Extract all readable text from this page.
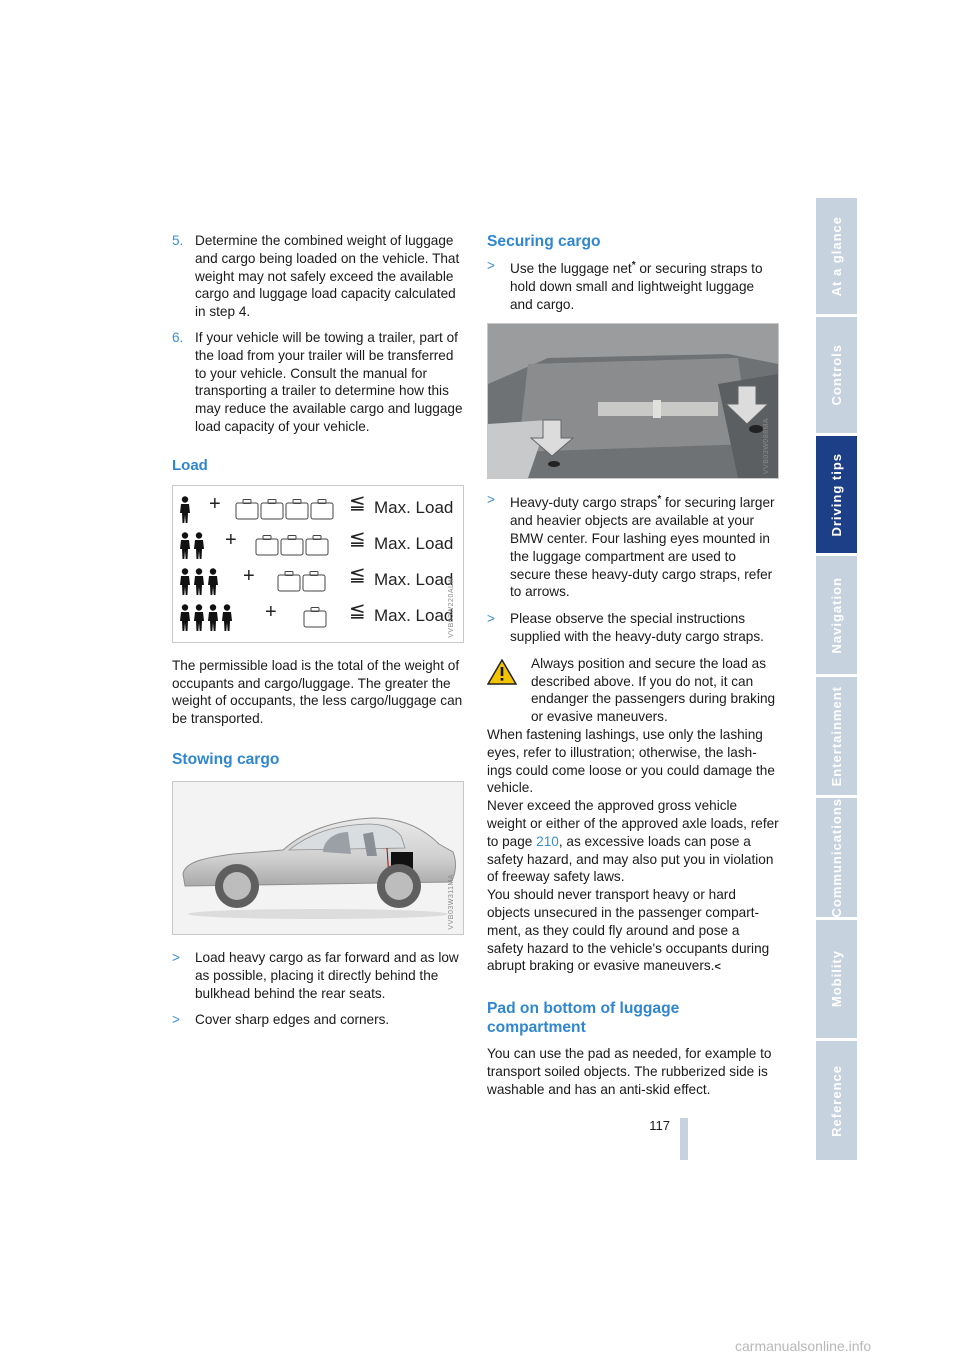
5. Determine the combined weight of luggage and cargo being loaded on the vehicle. That weight may not safely exceed the available cargo and luggage load capacity calculated in step 4.
6. If your vehicle will be towing a trailer, part of the load from your trailer will be transferred to your vehicle. Consult the manual for transporting a trailer to determine how this may reduce the available cargo and luggage load capacity of your vehicle.
Load
+	≦ Max. Load
+	≦ Max. Load
+	≦ Max. Load
+	≦ Max. Load
VVB03W220ALW

The permissible load is the total of the weight of occupants and cargo/luggage. The greater the weight of occupants, the less cargo/luggage can be transported.

Stowing cargo
VVB03W311MA
> Load heavy cargo as far forward and as low as possible, placing it directly behind the bulkhead behind the rear seats.
> Cover sharp edges and corners.
Securing cargo
> Use the luggage net* or securing straps to hold down small and lightweight luggage and cargo.
VVB03W088MA
> Heavy-duty cargo straps* for securing larger and heavier objects are available at your BMW center. Four lashing eyes mounted in the luggage compartment are used to secure these heavy-duty cargo straps, refer to arrows.
> Please observe the special instructions supplied with the heavy-duty cargo straps.
Always position and secure the load as described above. If you do not, it can endanger the passengers during braking or evasive maneuvers.
When fastening lashings, use only the lashing eyes, refer to illustration; otherwise, the lash-ings could come loose or you could damage the vehicle.
Never exceed the approved gross vehicle weight or either of the approved axle loads, refer to page 210, as excessive loads can pose a safety hazard, and may also put you in violation of freeway safety laws.
You should never transport heavy or hard objects unsecured in the passenger compart-ment, as they could fly around and pose a safety hazard to the vehicle's occupants during abrupt braking or evasive maneuvers.<
Pad on bottom of luggage compartment

You can use the pad as needed, for example to transport soiled objects. The rubberized side is washable and has an anti-skid effect.

At a glance
Controls
Driving tips
Navigation
Entertainment
Communications
Mobility
Reference
117
carmanualsonline.info
